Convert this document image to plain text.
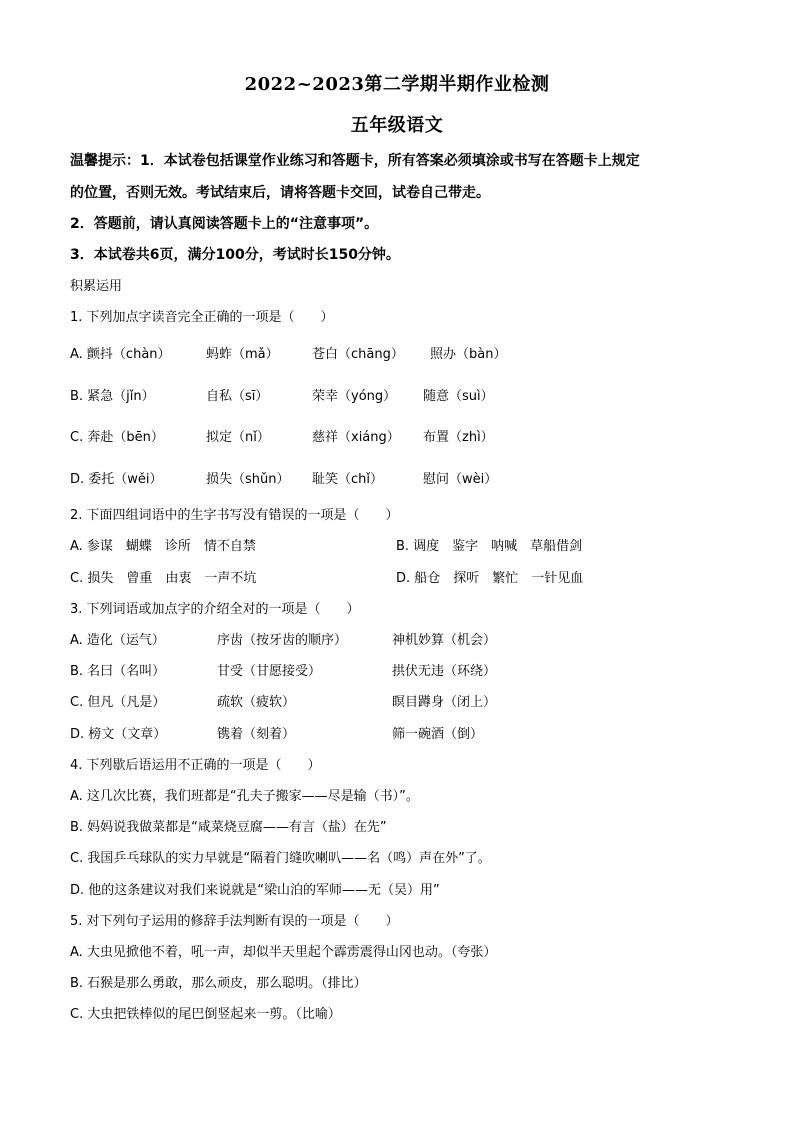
2022~2023第二学期半期作业检测
五年级语文
温馨提示：1．本试卷包括课堂作业练习和答题卡，所有答案必须填涂或书写在答题卡上规定
的位置，否则无效。考试结束后，请将答题卡交回，试卷自己带走。
2．答题前，请认真阅读答题卡上的“注意事项”。
3．本试卷共6页，满分100分，考试时长150分钟。
积累运用
1. 下列加点字读音完全正确的一项是（　　）
A. 颤抖（chàn）	蚂蚱（mǎ）	苍白（chāng） 照办（bàn）
B. 紧急（jǐn）	自私（sī）	荣幸（yóng） 随意（suì）
C. 奔赴（bēn）	拟定（nǐ）	慈祥（xiáng） 布置（zhì）
D. 委托（wěi）	损失（shǔn） 耻笑（chǐ）	慰问（wèi）
2. 下面四组词语中的生字书写没有错误的一项是（　　）
A. 参谋　蝴蝶　诊所　情不自禁	B. 调度　鉴字　呐喊　草船借剑
C. 损失　曾重　由衷　一声不坑	D. 船仓　探听　繁忙　一针见血
3. 下列词语或加点字的介绍全对的一项是（　　）
A. 造化（运气）	序齿（按牙齿的顺序）	神机妙算（机会）
B. 名曰（名叫）	甘受（甘愿接受）	拱伏无违（环绕）
C. 但凡（凡是）	疏软（疲软）	瞑目蹲身（闭上）
D. 榜文（文章）	镌着（刻着）	筛一碗酒（倒）
4. 下列歇后语运用不正确的一项是（　　）
A. 这几次比赛，我们班都是“孔夫子搬家——尽是输（书）”。
B. 妈妈说我做菜都是“咸菜烧豆腐——有言（盐）在先”
C. 我国乒乓球队的实力早就是“隔着门缝吹喇叭——名（鸣）声在外”了。
D. 他的这条建议对我们来说就是“梁山泊的军师——无（吴）用”
5. 对下列句子运用的修辞手法判断有误的一项是（　　）
A. 大虫见掀他不着，吼一声，却似半天里起个霹雳震得山冈也动。（夸张）
B. 石猴是那么勇敢，那么顽皮，那么聪明。（排比）
C. 大虫把铁棒似的尾巴倒竖起来一剪。（比喻）
